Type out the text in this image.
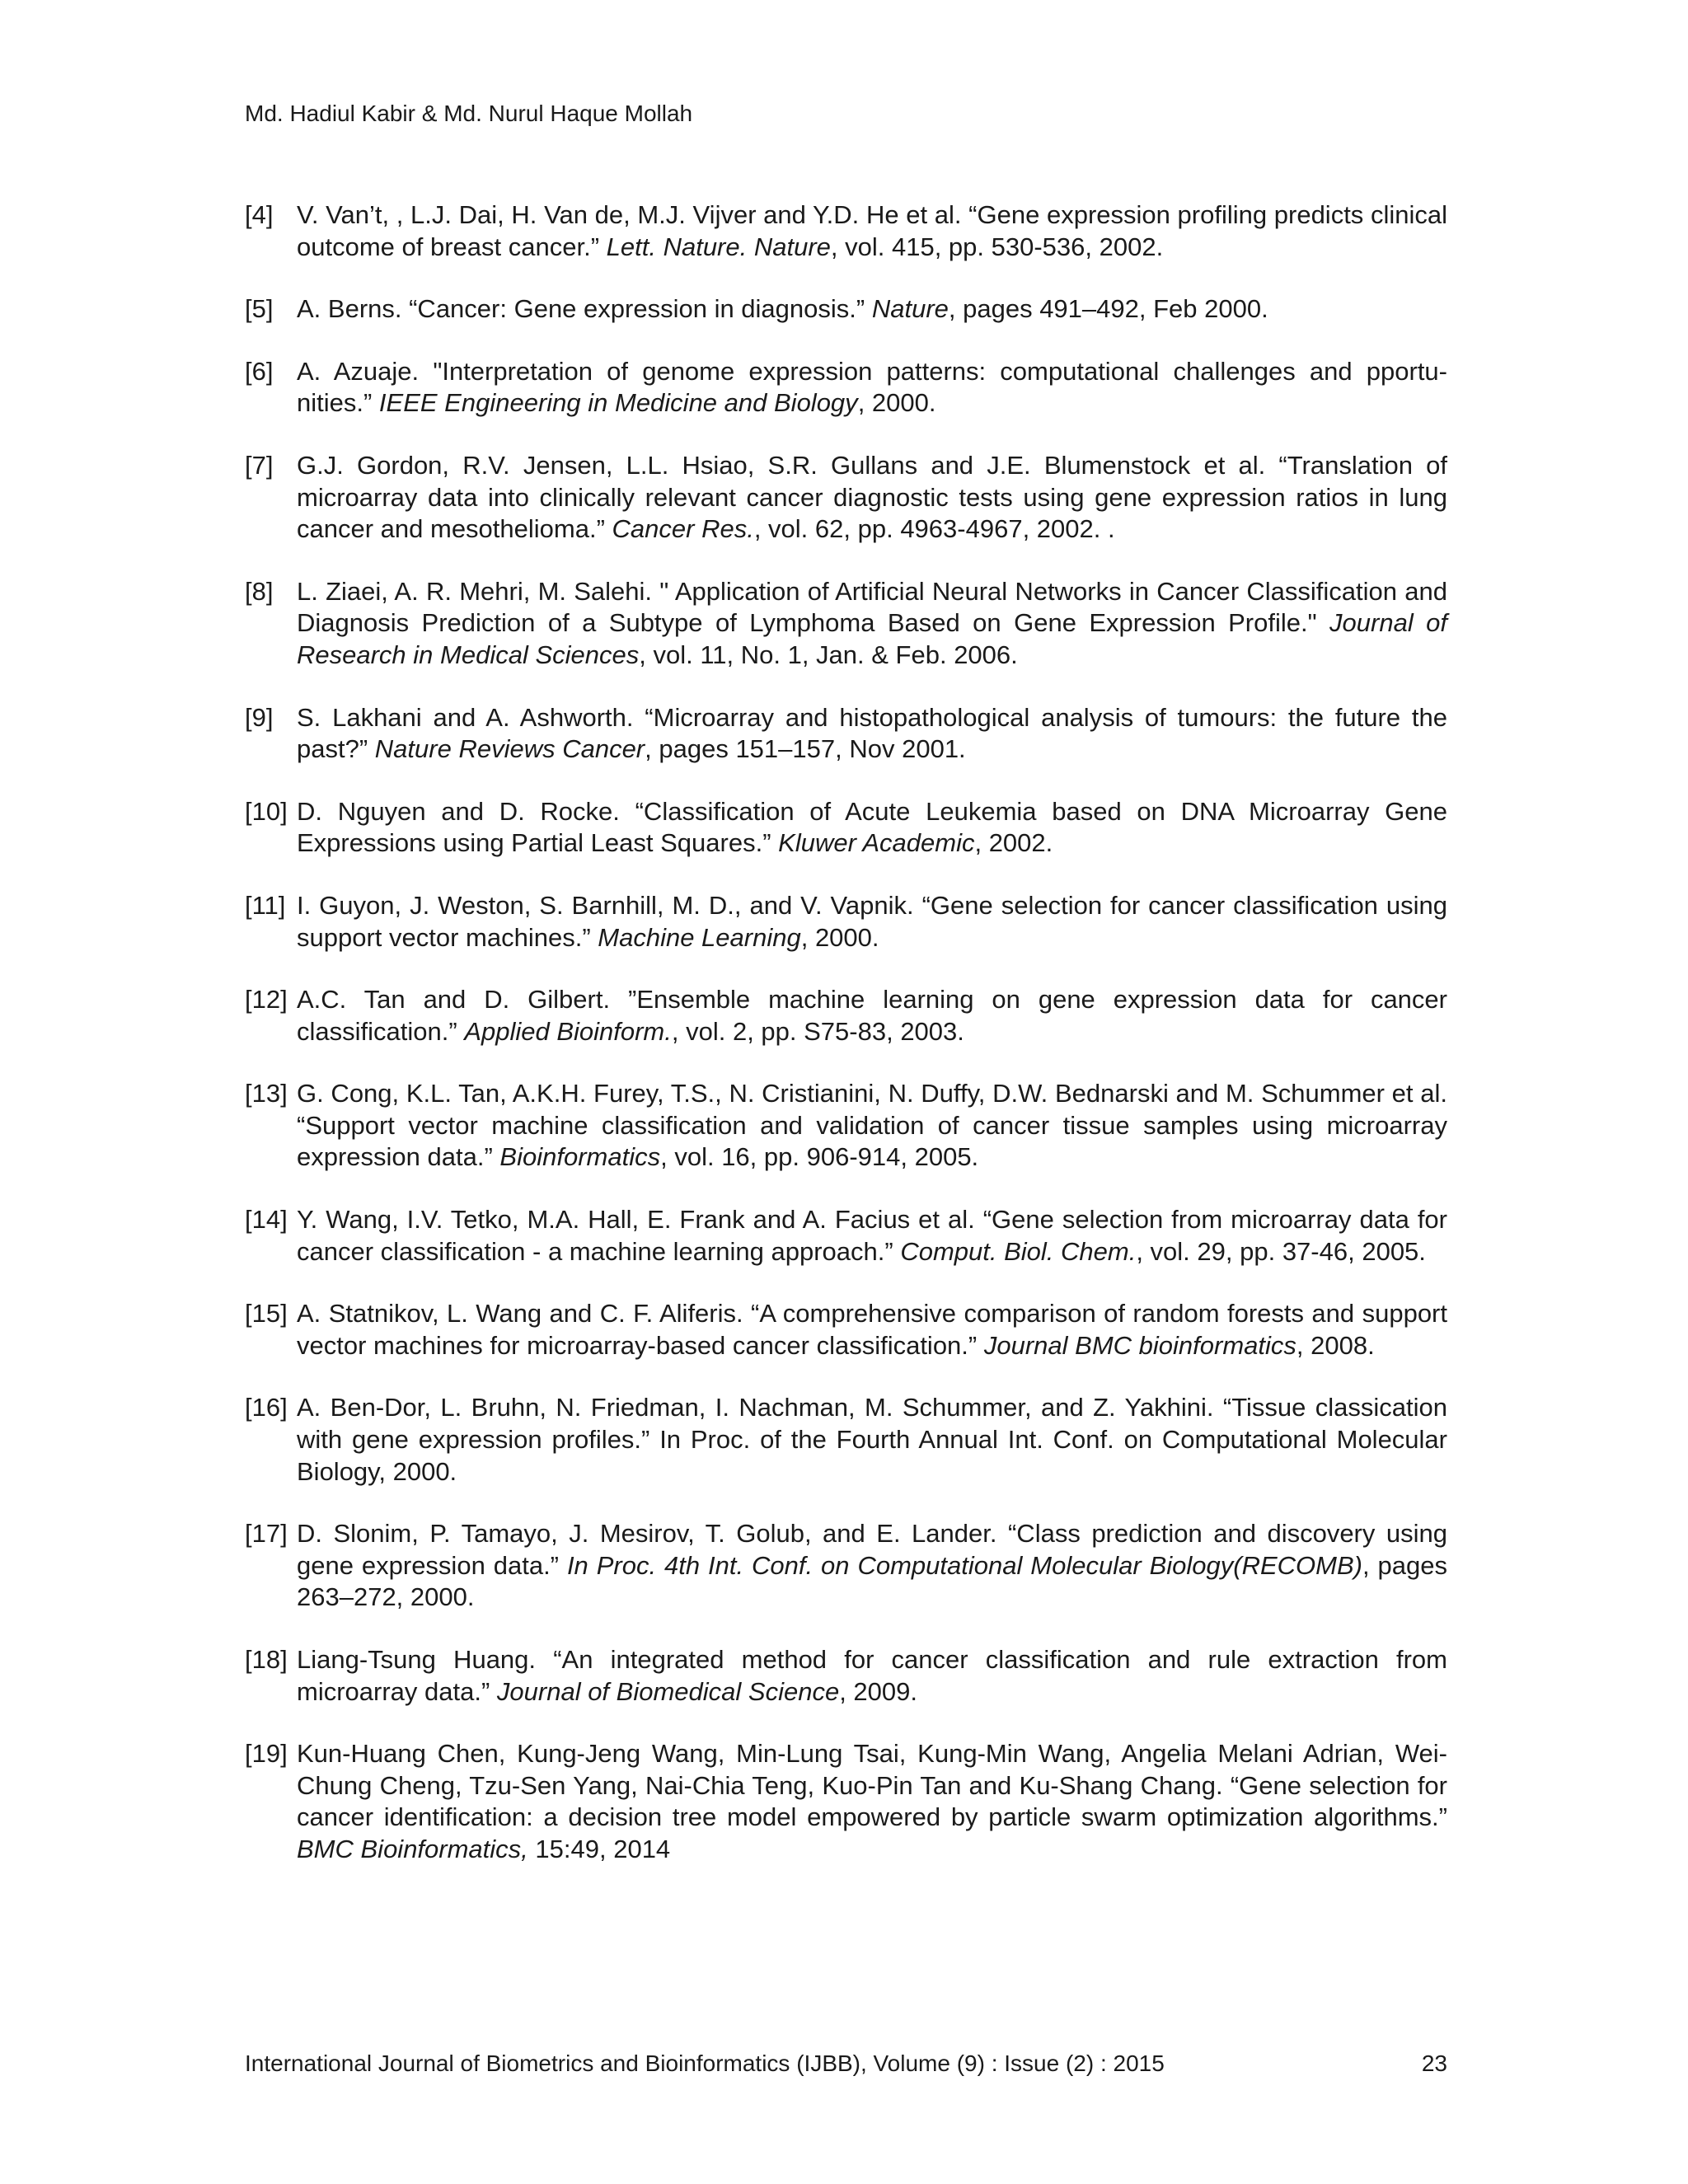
Md. Hadiul Kabir & Md. Nurul Haque Mollah
[4] V. Van’t, , L.J. Dai, H. Van de, M.J. Vijver and Y.D. He et al. “Gene expression profiling predicts clinical outcome of breast cancer.” Lett. Nature. Nature, vol. 415, pp. 530-536, 2002.
[5] A. Berns. “Cancer: Gene expression in diagnosis.” Nature, pages 491–492, Feb 2000.
[6] A. Azuaje. "Interpretation of genome expression patterns: computational challenges and pportu-nities.” IEEE Engineering in Medicine and Biology, 2000.
[7] G.J. Gordon, R.V. Jensen, L.L. Hsiao, S.R. Gullans and J.E. Blumenstock et al. “Translation of microarray data into clinically relevant cancer diagnostic tests using gene expression ratios in lung cancer and mesothelioma.” Cancer Res., vol. 62, pp. 4963-4967, 2002. .
[8] L. Ziaei, A. R. Mehri, M. Salehi. " Application of Artificial Neural Networks in Cancer Classification and Diagnosis Prediction of a Subtype of Lymphoma Based on Gene Expression Profile." Journal of Research in Medical Sciences, vol. 11, No. 1, Jan. & Feb. 2006.
[9] S. Lakhani and A. Ashworth. “Microarray and histopathological analysis of tumours: the future the past?” Nature Reviews Cancer, pages 151–157, Nov 2001.
[10] D. Nguyen and D. Rocke. “Classification of Acute Leukemia based on DNA Microarray Gene Expressions using Partial Least Squares.” Kluwer Academic, 2002.
[11] I. Guyon, J. Weston, S. Barnhill, M. D., and V. Vapnik. “Gene selection for cancer classification using support vector machines.” Machine Learning, 2000.
[12] A.C. Tan and D. Gilbert. ”Ensemble machine learning on gene expression data for cancer classification.” Applied Bioinform., vol. 2, pp. S75-83, 2003.
[13] G. Cong, K.L. Tan, A.K.H. Furey, T.S., N. Cristianini, N. Duffy, D.W. Bednarski and M. Schummer et al. “Support vector machine classification and validation of cancer tissue samples using microarray expression data.” Bioinformatics, vol. 16, pp. 906-914, 2005.
[14] Y. Wang, I.V. Tetko, M.A. Hall, E. Frank and A. Facius et al. “Gene selection from microarray data for cancer classification - a machine learning approach.” Comput. Biol. Chem., vol. 29, pp. 37-46, 2005.
[15] A. Statnikov, L. Wang and C. F. Aliferis. “A comprehensive comparison of random forests and support vector machines for microarray-based cancer classification.” Journal BMC bioinformatics, 2008.
[16] A. Ben-Dor, L. Bruhn, N. Friedman, I. Nachman, M. Schummer, and Z. Yakhini. “Tissue classication with gene expression profiles.” In Proc. of the Fourth Annual Int. Conf. on Computational Molecular Biology, 2000.
[17] D. Slonim, P. Tamayo, J. Mesirov, T. Golub, and E. Lander. “Class prediction and discovery using gene expression data.” In Proc. 4th Int. Conf. on Computational Molecular Biology(RECOMB), pages 263–272, 2000.
[18] Liang-Tsung Huang. “An integrated method for cancer classification and rule extraction from microarray data.” Journal of Biomedical Science, 2009.
[19] Kun-Huang Chen, Kung-Jeng Wang, Min-Lung Tsai, Kung-Min Wang, Angelia Melani Adrian, Wei-Chung Cheng, Tzu-Sen Yang, Nai-Chia Teng, Kuo-Pin Tan and Ku-Shang Chang. “Gene selection for cancer identification: a decision tree model empowered by particle swarm optimization algorithms.” BMC Bioinformatics, 15:49, 2014
International Journal of Biometrics and Bioinformatics (IJBB), Volume (9) : Issue (2) : 2015	23
